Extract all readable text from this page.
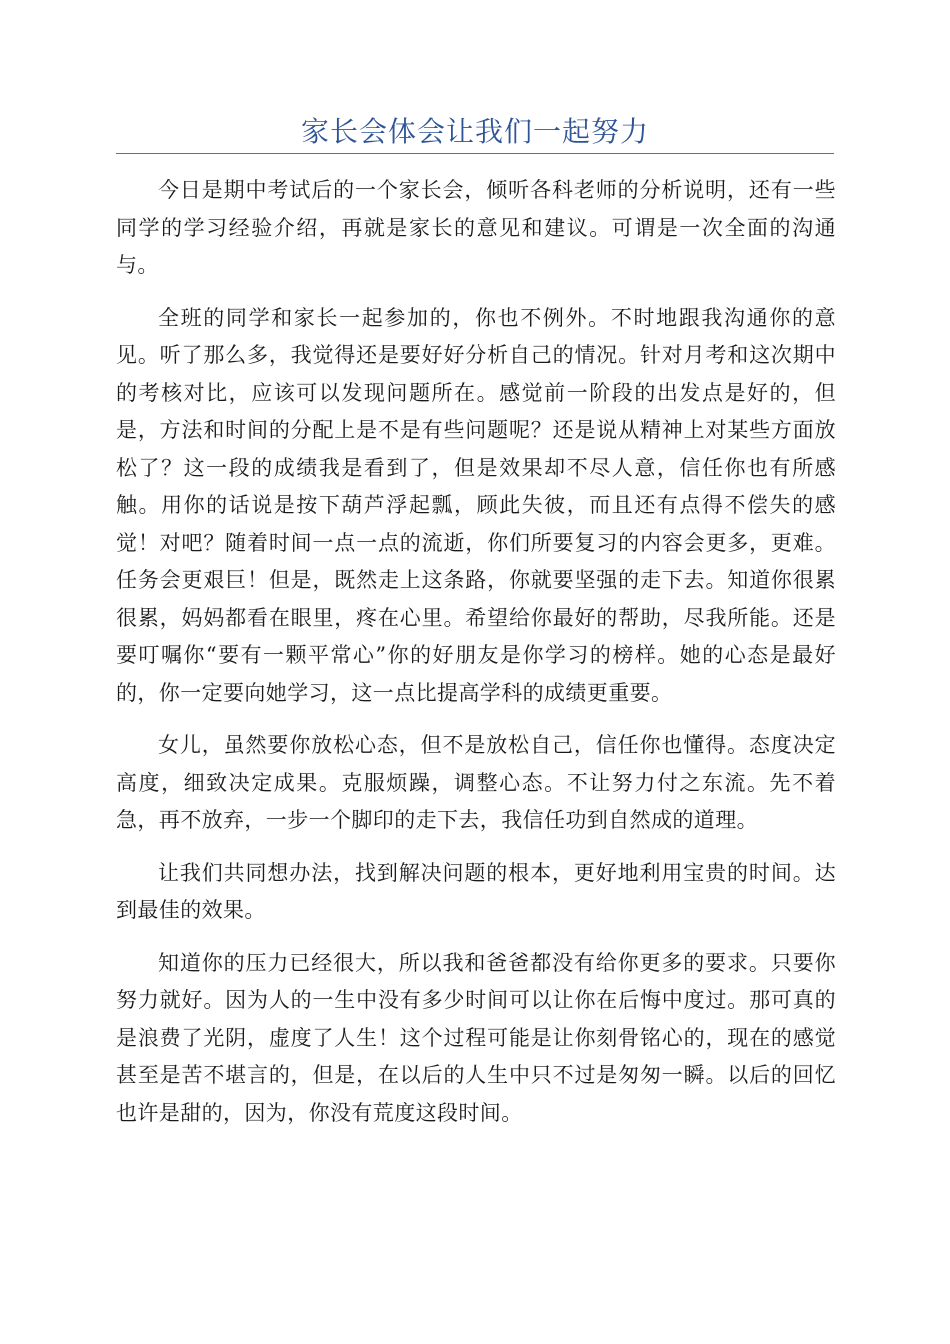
家长会体会让我们一起努力

今日是期中考试后的一个家长会，倾听各科老师的分析说明，还有一些同学的学习经验介绍，再就是家长的意见和建议。可谓是一次全面的沟通与。

全班的同学和家长一起参加的，你也不例外。不时地跟我沟通你的意见。听了那么多，我觉得还是要好好分析自己的情况。针对月考和这次期中的考核对比，应该可以发现问题所在。感觉前一阶段的出发点是好的，但是，方法和时间的分配上是不是有些问题呢？还是说从精神上对某些方面放松了？这一段的成绩我是看到了，但是效果却不尽人意，信任你也有所感触。用你的话说是按下葫芦浮起瓢，顾此失彼，而且还有点得不偿失的感觉！对吧？随着时间一点一点的流逝，你们所要复习的内容会更多，更难。任务会更艰巨！但是，既然走上这条路，你就要坚强的走下去。知道你很累很累，妈妈都看在眼里，疼在心里。希望给你最好的帮助，尽我所能。还是要叮嘱你“要有一颗平常心”你的好朋友是你学习的榜样。她的心态是最好的，你一定要向她学习，这一点比提高学科的成绩更重要。

女儿，虽然要你放松心态，但不是放松自己，信任你也懂得。态度决定高度，细致决定成果。克服烦躁，调整心态。不让努力付之东流。先不着急，再不放弃，一步一个脚印的走下去，我信任功到自然成的道理。

让我们共同想办法，找到解决问题的根本，更好地利用宝贵的时间。达到最佳的效果。

知道你的压力已经很大，所以我和爸爸都没有给你更多的要求。只要你努力就好。因为人的一生中没有多少时间可以让你在后悔中度过。那可真的是浪费了光阴，虚度了人生！这个过程可能是让你刻骨铭心的，现在的感觉甚至是苦不堪言的，但是，在以后的人生中只不过是匆匆一瞬。以后的回忆也许是甜的，因为，你没有荒度这段时间。
